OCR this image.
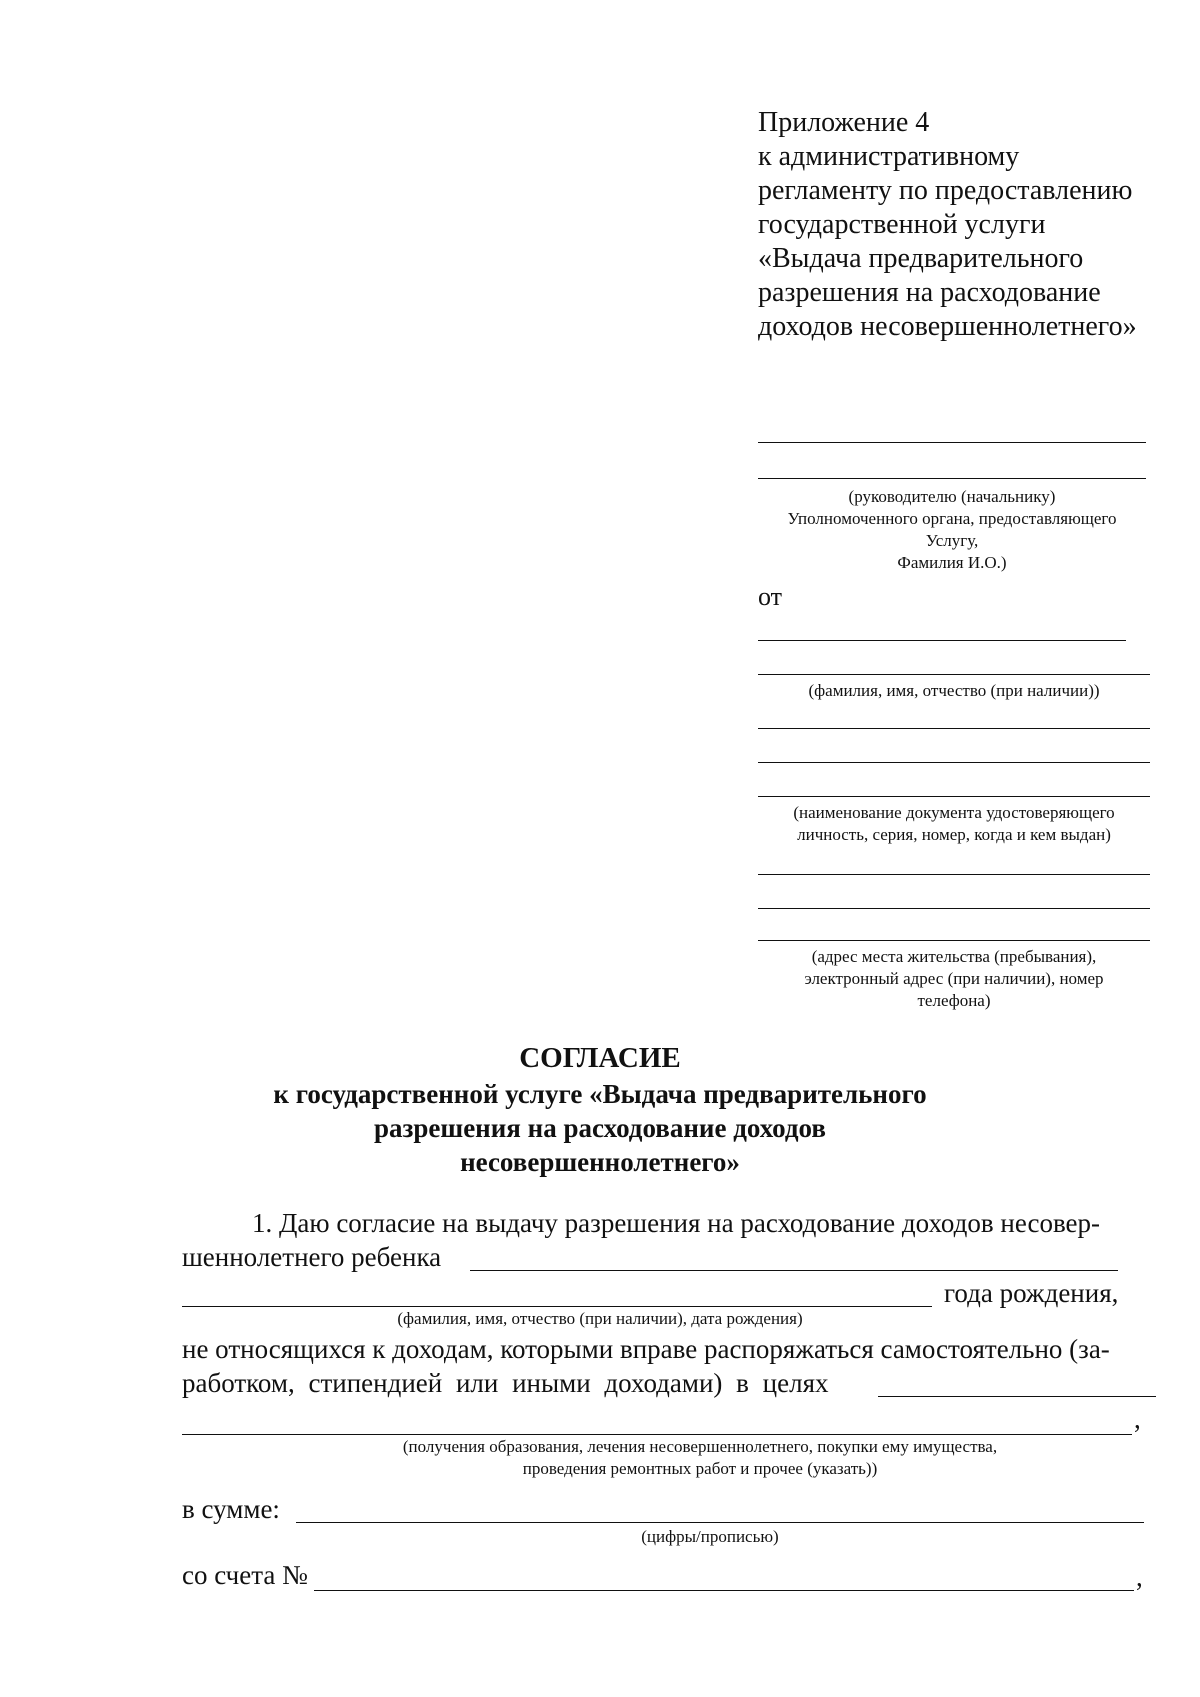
Приложение 4
к административному
регламенту по предоставлению
государственной услуги
«Выдача предварительного
разрешения на расходование
доходов несовершеннолетнего»
(руководителю (начальнику)
Уполномоченного органа, предоставляющего
Услугу,
Фамилия И.О.)
от
(фамилия, имя, отчество (при наличии))
(наименование документа удостоверяющего
личность, серия, номер, когда и кем выдан)
(адрес места жительства (пребывания),
электронный адрес (при наличии), номер
телефона)
СОГЛАСИЕ
к государственной услуге «Выдача предварительного
разрешения на расходование доходов
несовершеннолетнего»
1. Даю согласие на выдачу разрешения на расходование доходов несовер-
шеннолетнего ребенка
года рождения,
(фамилия, имя, отчество (при наличии), дата рождения)
не относящихся к доходам, которыми вправе распоряжаться самостоятельно (за-
работком, стипендией или иными доходами) в целях
,
(получения образования, лечения несовершеннолетнего, покупки ему имущества,
проведения ремонтных работ и прочее (указать))
в сумме:
(цифры/прописью)
со счета №	,
